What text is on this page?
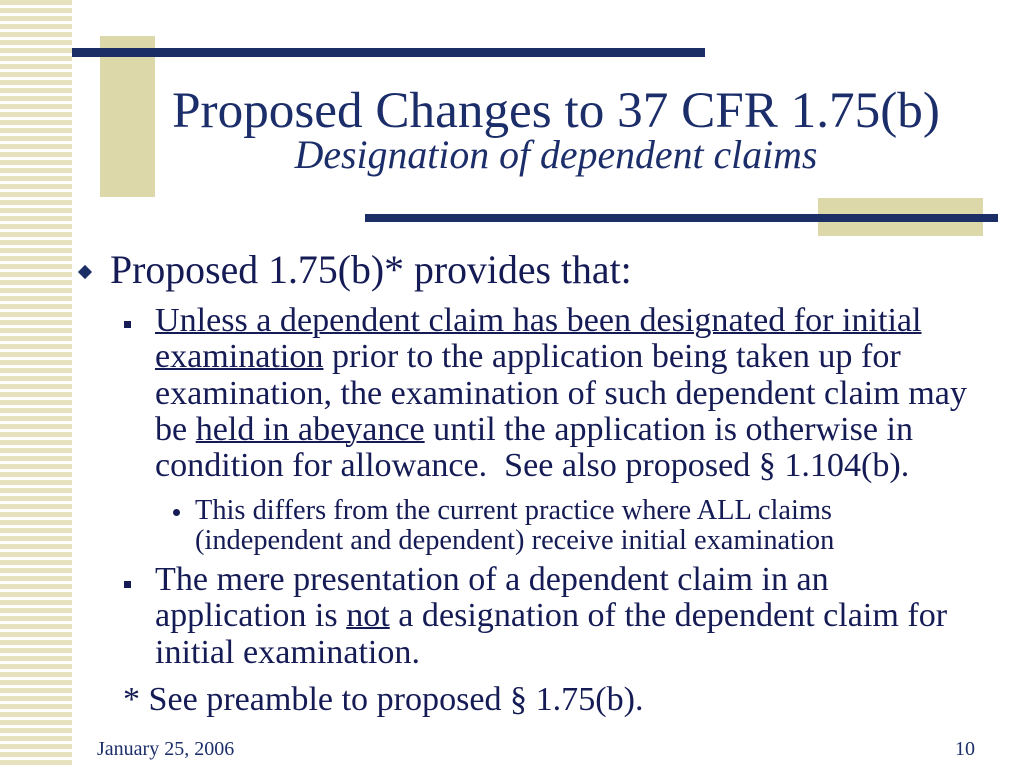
Proposed Changes to 37 CFR 1.75(b)
Designation of dependent claims
Proposed 1.75(b)* provides that:
Unless a dependent claim has been designated for initial
examination prior to the application being taken up for
examination, the examination of such dependent claim may
be held in abeyance until the application is otherwise in
condition for allowance.  See also proposed § 1.104(b).
This differs from the current practice where ALL claims
(independent and dependent) receive initial examination
The mere presentation of a dependent claim in an
application is not a designation of the dependent claim for
initial examination.
* See preamble to proposed § 1.75(b).
January 25, 2006	10
